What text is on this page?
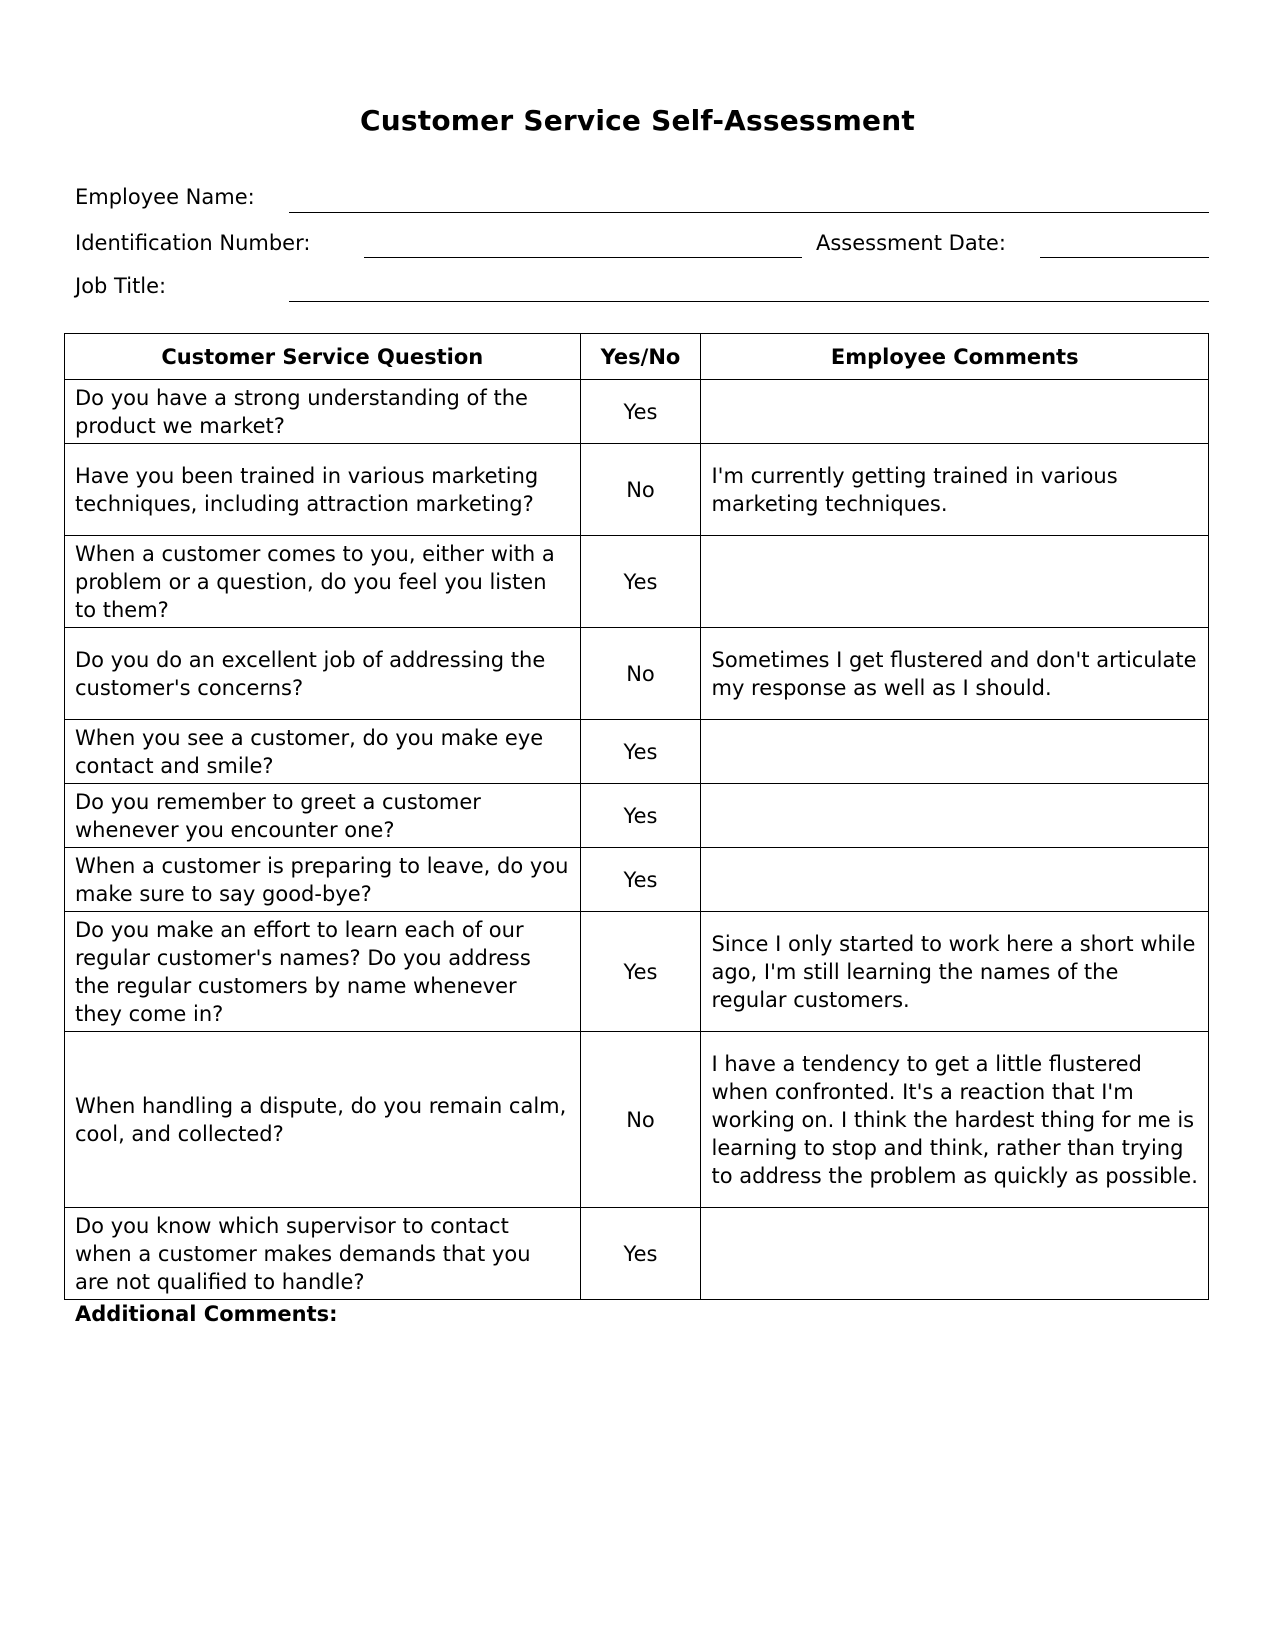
Customer Service Self-Assessment
Employee Name:
Identification Number:	Assessment Date:
Job Title:
Customer Service Question	Yes/No	Employee Comments
Do you have a strong understanding of the product we market?	Yes	
Have you been trained in various marketing techniques, including attraction marketing?	No	I'm currently getting trained in various marketing techniques.
When a customer comes to you, either with a problem or a question, do you feel you listen to them?	Yes	
Do you do an excellent job of addressing the customer's concerns?	No	Sometimes I get flustered and don't articulate my response as well as I should.
When you see a customer, do you make eye contact and smile?	Yes	
Do you remember to greet a customer whenever you encounter one?	Yes	
When a customer is preparing to leave, do you make sure to say good-bye?	Yes	
Do you make an effort to learn each of our regular customer's names? Do you address the regular customers by name whenever they come in?	Yes	Since I only started to work here a short while ago, I'm still learning the names of the regular customers.
When handling a dispute, do you remain calm, cool, and collected?	No	I have a tendency to get a little flustered when confronted. It's a reaction that I'm working on. I think the hardest thing for me is learning to stop and think, rather than trying to address the problem as quickly as possible.
Do you know which supervisor to contact when a customer makes demands that you are not qualified to handle?	Yes	
Additional Comments:
